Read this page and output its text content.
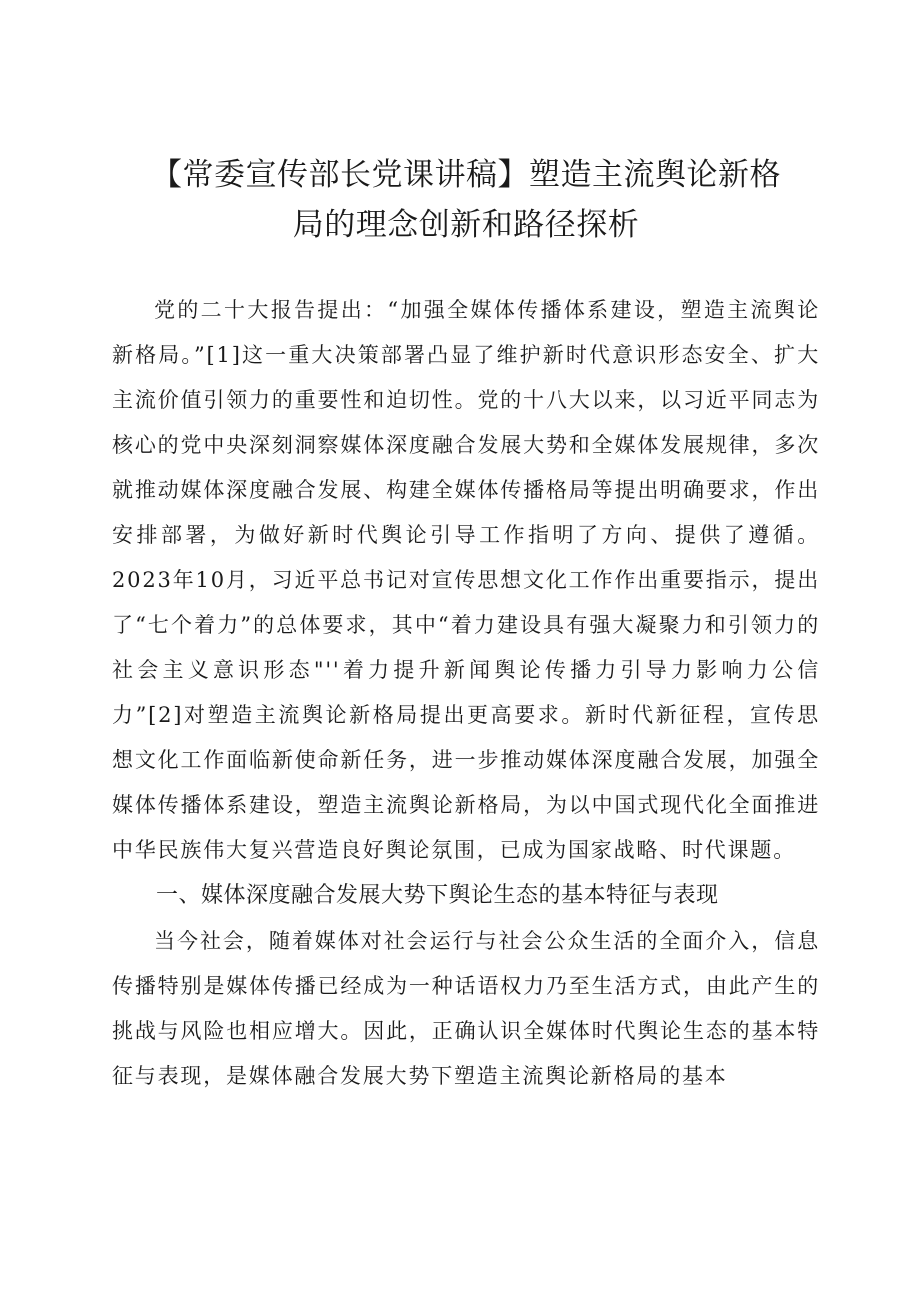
【常委宣传部长党课讲稿】塑造主流舆论新格
局的理念创新和路径探析

党的二十大报告提出：“加强全媒体传播体系建设，塑造主流舆论新格局。”[1]这一重大决策部署凸显了维护新时代意识形态安全、扩大主流价值引领力的重要性和迫切性。党的十八大以来，以习近平同志为核心的党中央深刻洞察媒体深度融合发展大势和全媒体发展规律，多次就推动媒体深度融合发展、构建全媒体传播格局等提出明确要求，作出安排部署，为做好新时代舆论引导工作指明了方向、提供了遵循。2023年10月，习近平总书记对宣传思想文化工作作出重要指示，提出了“七个着力”的总体要求，其中“着力建设具有强大凝聚力和引领力的社会主义意识形态"''着力提升新闻舆论传播力引导力影响力公信力”[2]对塑造主流舆论新格局提出更高要求。新时代新征程，宣传思想文化工作面临新使命新任务，进一步推动媒体深度融合发展，加强全媒体传播体系建设，塑造主流舆论新格局，为以中国式现代化全面推进中华民族伟大复兴营造良好舆论氛围，已成为国家战略、时代课题。

一、媒体深度融合发展大势下舆论生态的基本特征与表现

当今社会，随着媒体对社会运行与社会公众生活的全面介入，信息传播特别是媒体传播已经成为一种话语权力乃至生活方式，由此产生的挑战与风险也相应增大。因此，正确认识全媒体时代舆论生态的基本特征与表现，是媒体融合发展大势下塑造主流舆论新格局的基本
